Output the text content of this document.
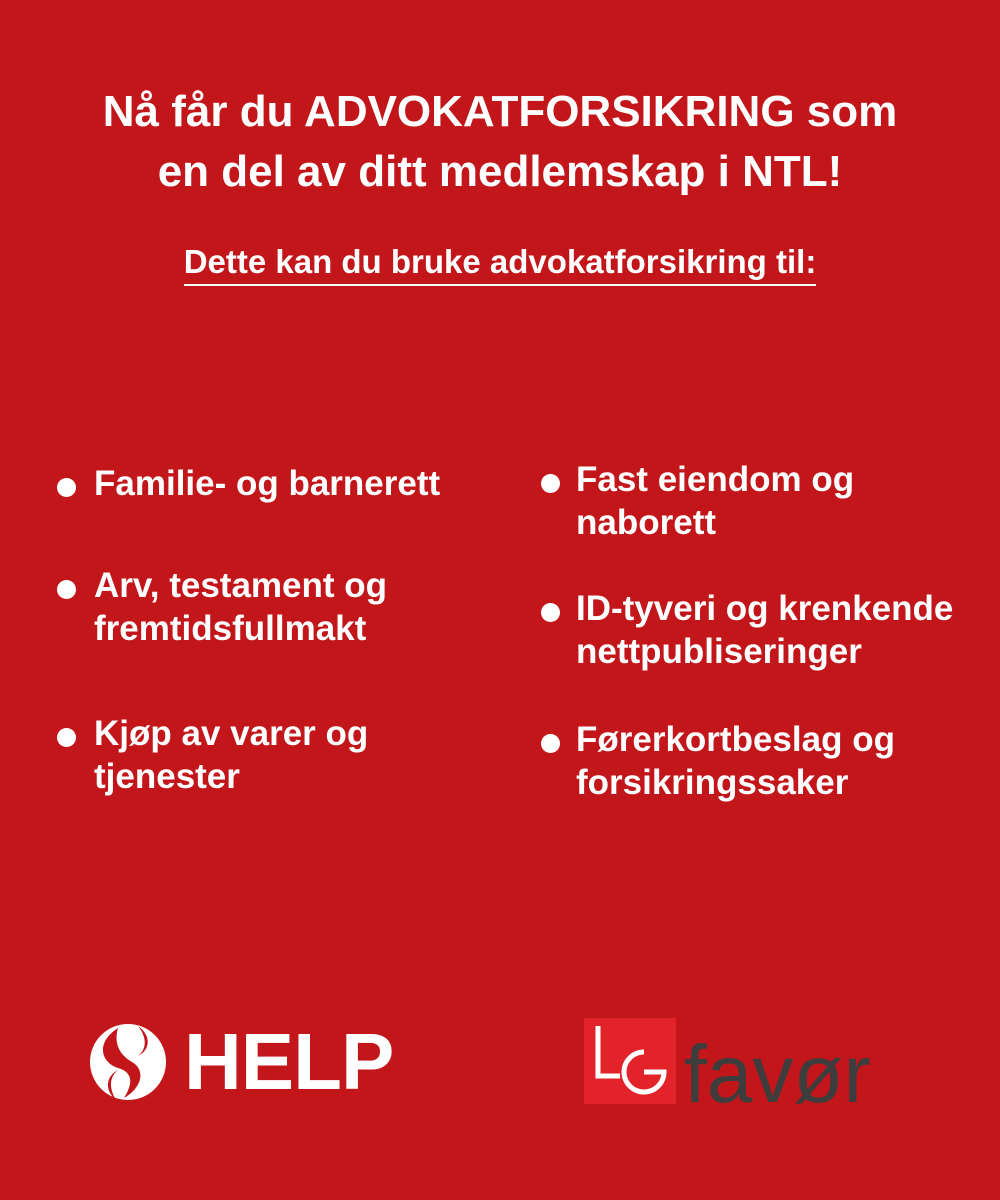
Nå får du ADVOKATFORSIKRING som
en del av ditt medlemskap i NTL!
Dette kan du bruke advokatforsikring til:
Familie- og barnerett
Arv, testament og
fremtidsfullmakt
Kjøp av varer og
tjenester
Fast eiendom og
naborett
ID-tyveri og krenkende
nettpubliseringer
Førerkortbeslag og
forsikringssaker
HELP	favør
